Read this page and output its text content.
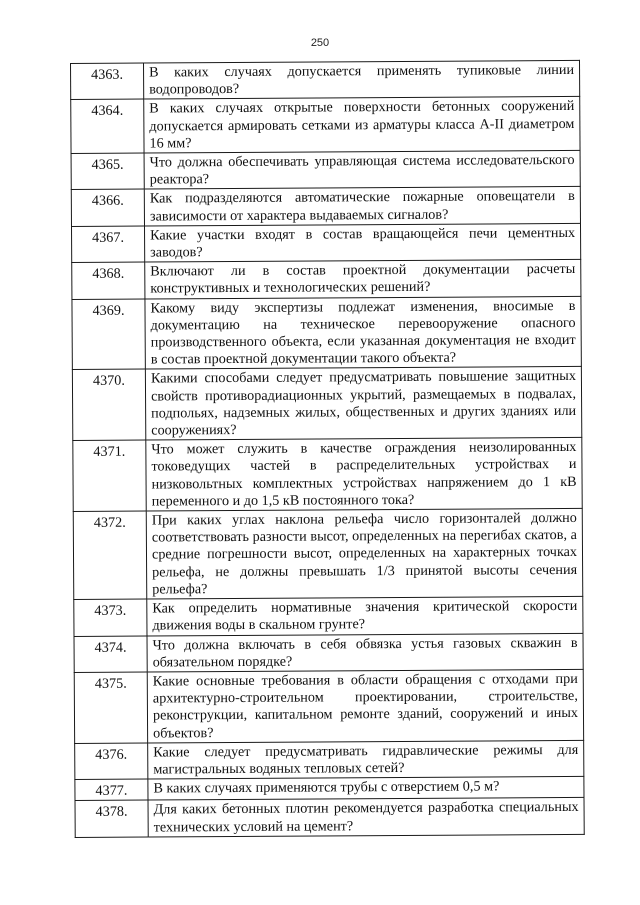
250
4363.	В каких случаях допускается применять тупиковые линии водопроводов?
4364.	В каких случаях открытые поверхности бетонных сооружений допускается армировать сетками из арматуры класса А-II диаметром 16 мм?
4365.	Что должна обеспечивать управляющая система исследовательского реактора?
4366.	Как подразделяются автоматические пожарные оповещатели в зависимости от характера выдаваемых сигналов?
4367.	Какие участки входят в состав вращающейся печи цементных заводов?
4368.	Включают ли в состав проектной документации расчеты конструктивных и технологических решений?
4369.	Какому виду экспертизы подлежат изменения, вносимые в документацию на техническое перевооружение опасного производственного объекта, если указанная документация не входит в состав проектной документации такого объекта?
4370.	Какими способами следует предусматривать повышение защитных свойств противорадиационных укрытий, размещаемых в подвалах, подпольях, надземных жилых, общественных и других зданиях или сооружениях?
4371.	Что может служить в качестве ограждения неизолированных токоведущих частей в распределительных устройствах и низковольтных комплектных устройствах напряжением до 1 кВ переменного и до 1,5 кВ постоянного тока?
4372.	При каких углах наклона рельефа число горизонталей должно соответствовать разности высот, определенных на перегибах скатов, а средние погрешности высот, определенных на характерных точках рельефа, не должны превышать 1/3 принятой высоты сечения рельефа?
4373.	Как определить нормативные значения критической скорости движения воды в скальном грунте?
4374.	Что должна включать в себя обвязка устья газовых скважин в обязательном порядке?
4375.	Какие основные требования в области обращения с отходами при архитектурно-строительном проектировании, строительстве, реконструкции, капитальном ремонте зданий, сооружений и иных объектов?
4376.	Какие следует предусматривать гидравлические режимы для магистральных водяных тепловых сетей?
4377.	В каких случаях применяются трубы с отверстием 0,5 м?
4378.	Для каких бетонных плотин рекомендуется разработка специальных технических условий на цемент?
